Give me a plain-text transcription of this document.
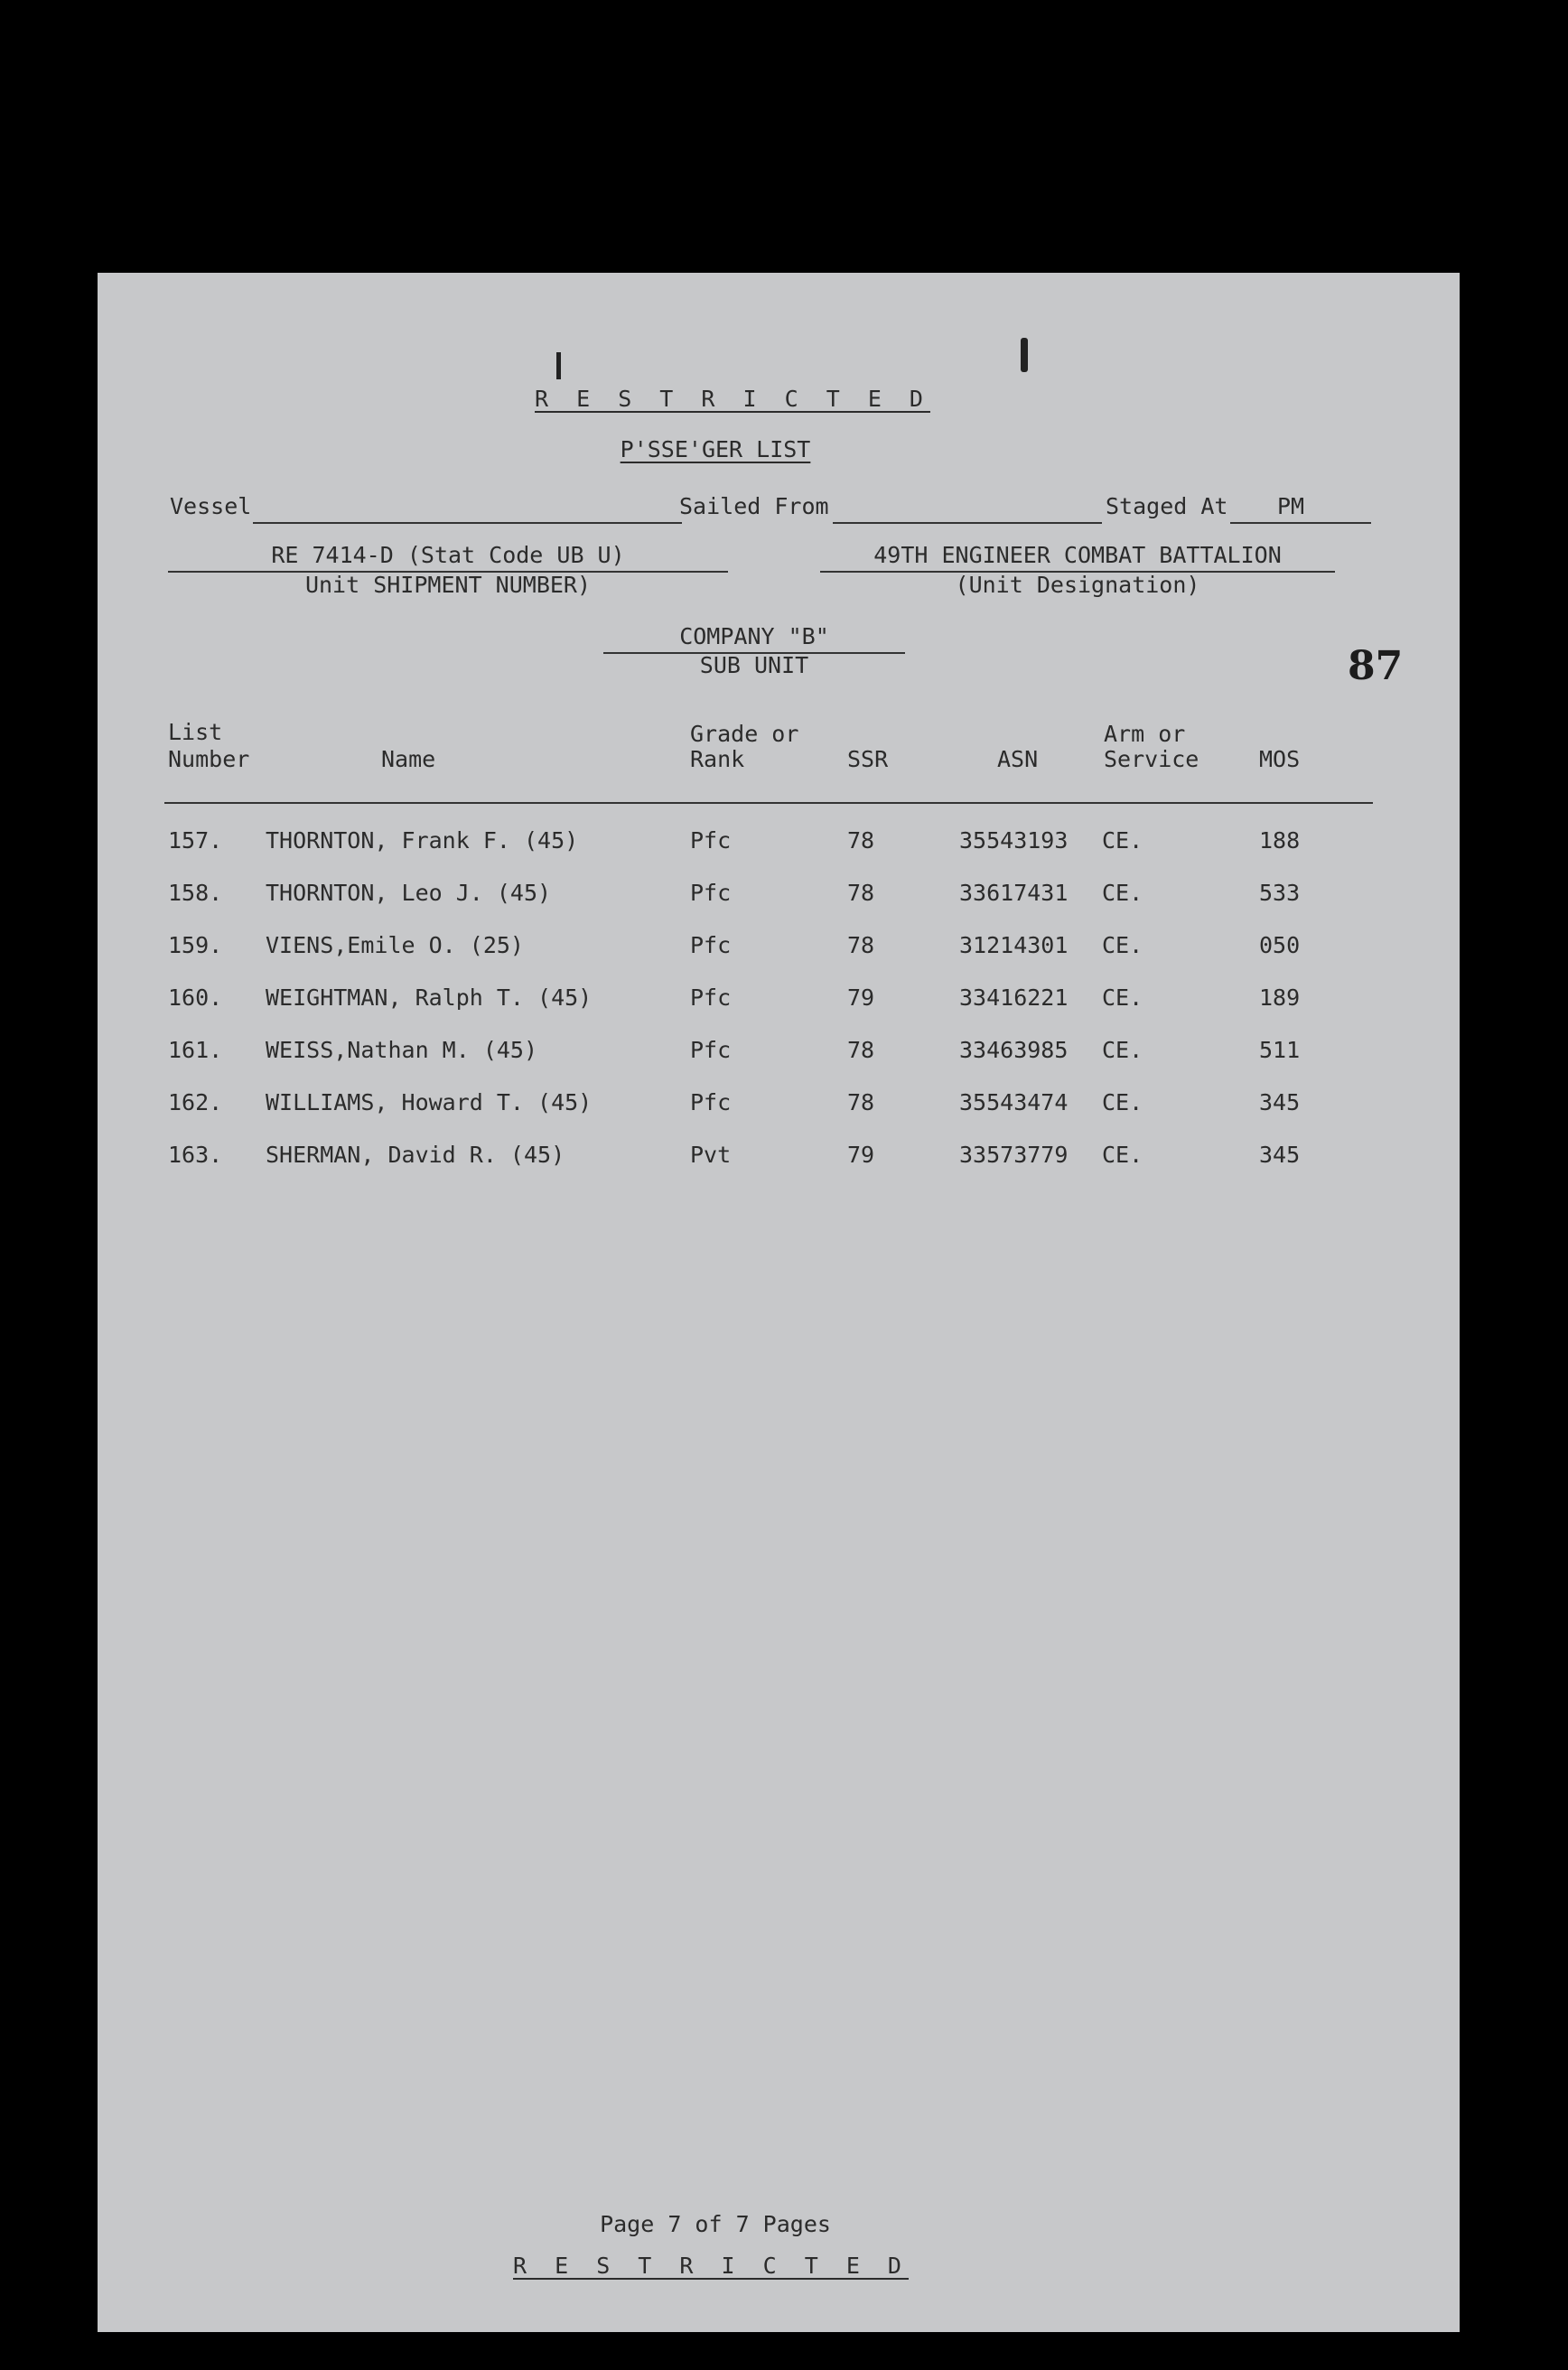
R E S T R I C T E D
P'SSE'GER LIST
Vessel	Sailed From	Staged At PM
RE 7414-D (Stat Code UB U)
Unit SHIPMENT NUMBER)
49TH ENGINEER COMBAT BATTALION
(Unit Designation)
COMPANY "B"
SUB UNIT	87
List
Number	Name
Grade or
Rank	SSR	ASN
Arm or
Service	MOS
157. THORNTON, Frank F. (45)	Pfc	78	35543193 CE.	188
158. THORNTON, Leo J. (45)	Pfc	78	33617431 CE.	533
159. VIENS,Emile O. (25)	Pfc	78	31214301 CE.	050
160. WEIGHTMAN, Ralph T. (45)	Pfc	79	33416221 CE.	189
161. WEISS,Nathan M. (45)	Pfc	78	33463985 CE.	511
162. WILLIAMS, Howard T. (45)	Pfc	78	35543474 CE.	345
163. SHERMAN, David R. (45)	Pvt	79	33573779 CE.	345
Page 7 of 7 Pages
R E S T R I C T E D
